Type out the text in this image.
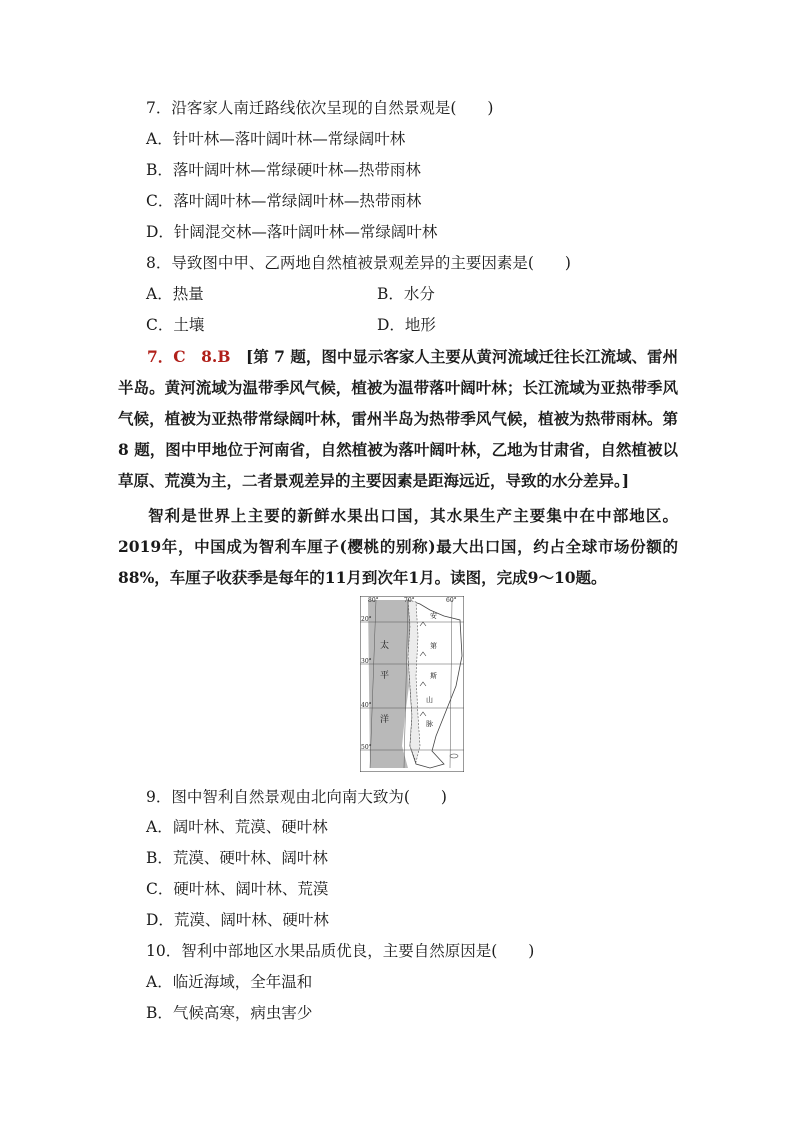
7．沿客家人南迁路线依次呈现的自然景观是(　　)
A．针叶林—落叶阔叶林—常绿阔叶林
B．落叶阔叶林—常绿硬叶林—热带雨林
C．落叶阔叶林—常绿阔叶林—热带雨林
D．针阔混交林—落叶阔叶林—常绿阔叶林
8．导致图中甲、乙两地自然植被景观差异的主要因素是(　　)
A．热量	B．水分
C．土壤	D．地形
7．C　8.B  [第 7 题，图中显示客家人主要从黄河流域迁往长江流域、雷州半岛。黄河流域为温带季风气候，植被为温带落叶阔叶林；长江流域为亚热带季风气候，植被为亚热带常绿阔叶林，雷州半岛为热带季风气候，植被为热带雨林。第 8 题，图中甲地位于河南省，自然植被为落叶阔叶林，乙地为甘肃省，自然植被以草原、荒漠为主，二者景观差异的主要因素是距海远近，导致的水分差异。]
智利是世界上主要的新鲜水果出口国，其水果生产主要集中在中部地区。2019年，中国成为智利车厘子(樱桃的别称)最大出口国，约占全球市场份额的88%，车厘子收获季是每年的11月到次年1月。读图，完成9～10题。
80°	70°	60°
20°
30°
40°
50°
太
平
洋
安
第
斯
山
脉
9．图中智利自然景观由北向南大致为(　　)
A．阔叶林、荒漠、硬叶林
B．荒漠、硬叶林、阔叶林
C．硬叶林、阔叶林、荒漠
D．荒漠、阔叶林、硬叶林
10．智利中部地区水果品质优良，主要自然原因是(　　)
A．临近海域，全年温和
B．气候高寒，病虫害少
